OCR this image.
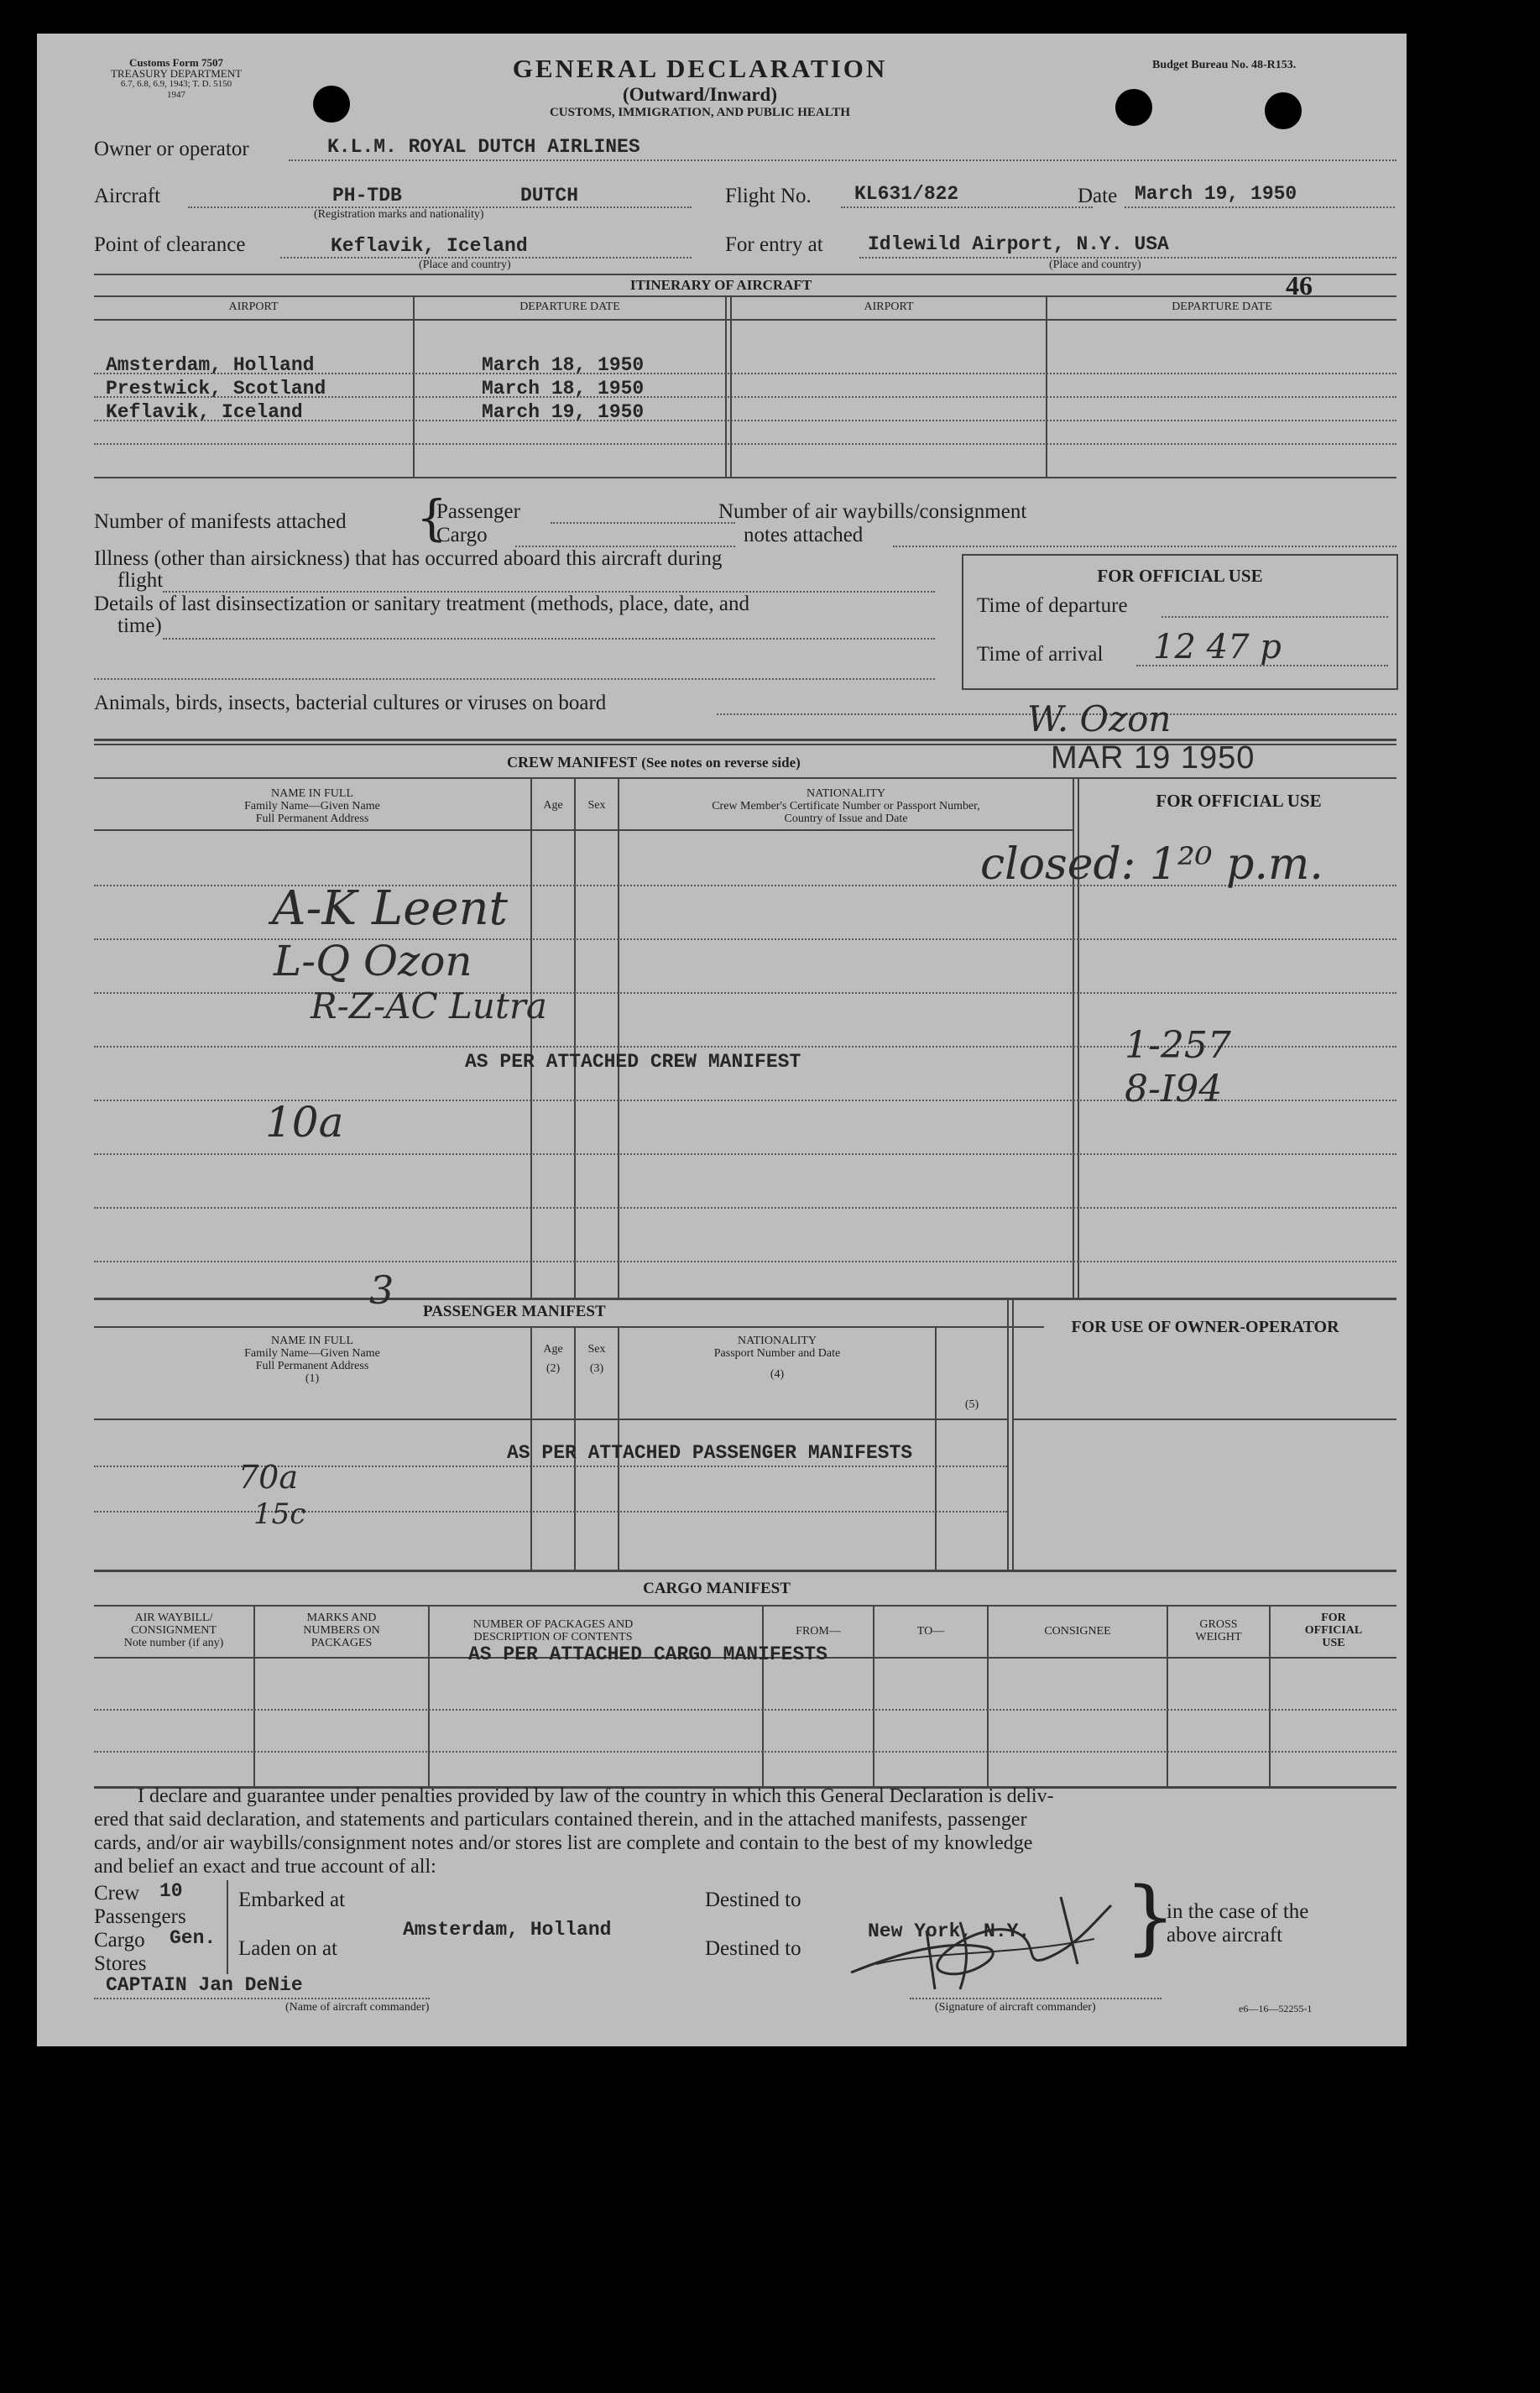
Customs Form 7507
TREASURY DEPARTMENT
6.7, 6.8, 6.9, 1943; T. D. 5150
1947
GENERAL DECLARATION
(Outward/Inward)
CUSTOMS, IMMIGRATION, AND PUBLIC HEALTH
Budget Bureau No. 48-R153.
Owner or operator	K.L.M. ROYAL DUTCH AIRLINES
Aircraft	PH-TDB	DUTCH
(Registration marks and nationality)
Flight No. KL631/822	Date March 19, 1950
Point of clearance	Keflavik, Iceland
(Place and country)
For entry at Idlewild Airport, N.Y. USA
(Place and country)
ITINERARY OF AIRCRAFT	46
AIRPORT	DEPARTURE DATE	AIRPORT	DEPARTURE DATE
Amsterdam, Holland	March 18, 1950
Prestwick, Scotland	March 18, 1950
Keflavik, Iceland	March 19, 1950
Number of manifests attached {
Passenger
Cargo
Number of air waybills/consignment
notes attached
Illness (other than airsickness) that has occurred aboard this aircraft during
flight
Details of last disinsectization or sanitary treatment (methods, place, date, and
time)
Animals, birds, insects, bacterial cultures or viruses on board
FOR OFFICIAL USE
Time of departure
Time of arrival 12 47 p
W. Ozon
CREW MANIFEST (See notes on reverse side)	MAR 19 1950
NAME IN FULL
Family Name—Given Name
Full Permanent Address
Age	Sex
NATIONALITY
Crew Member's Certificate Number or Passport Number,
Country of Issue and Date
FOR OFFICIAL USE
closed: 1²⁰ p.m.
A-K Leent
L-Q Ozon
R-Z-AC Lutra
AS PER ATTACHED CREW MANIFEST
10a
1-257
8-I94
3 PASSENGER MANIFEST
NAME IN FULL
Family Name—Given Name
Full Permanent Address
(1)
Age
(2)
Sex
(3)
NATIONALITY
Passport Number and Date
(4)
(5)
FOR USE OF OWNER-OPERATOR
AS PER ATTACHED PASSENGER MANIFESTS
70a
15c
CARGO MANIFEST
AIR WAYBILL/
CONSIGNMENT
Note number (if any)
MARKS AND
NUMBERS ON
PACKAGES
NUMBER OF PACKAGES AND
DESCRIPTION OF CONTENTS	FROM—	TO—	CONSIGNEE
GROSS
WEIGHT
FOR
OFFICIAL
USE
AS PER ATTACHED CARGO MANIFESTS
I declare and guarantee under penalties provided by law of the country in which this General Declaration is deliv-
ered that said declaration, and statements and particulars contained therein, and in the attached manifests, passenger
cards, and/or air waybills/consignment notes and/or stores list are complete and contain to the best of my knowledge
and belief an exact and true account of all:
Crew 10
Passengers
Cargo Gen.
Stores
Embarked at
Laden on at
Amsterdam, Holland
Destined to
Destined to
New York, N.Y. }
in the case of the
above aircraft
CAPTAIN Jan DeNie
(Name of aircraft commander)	(Signature of aircraft commander)	e6—16—52255-1
